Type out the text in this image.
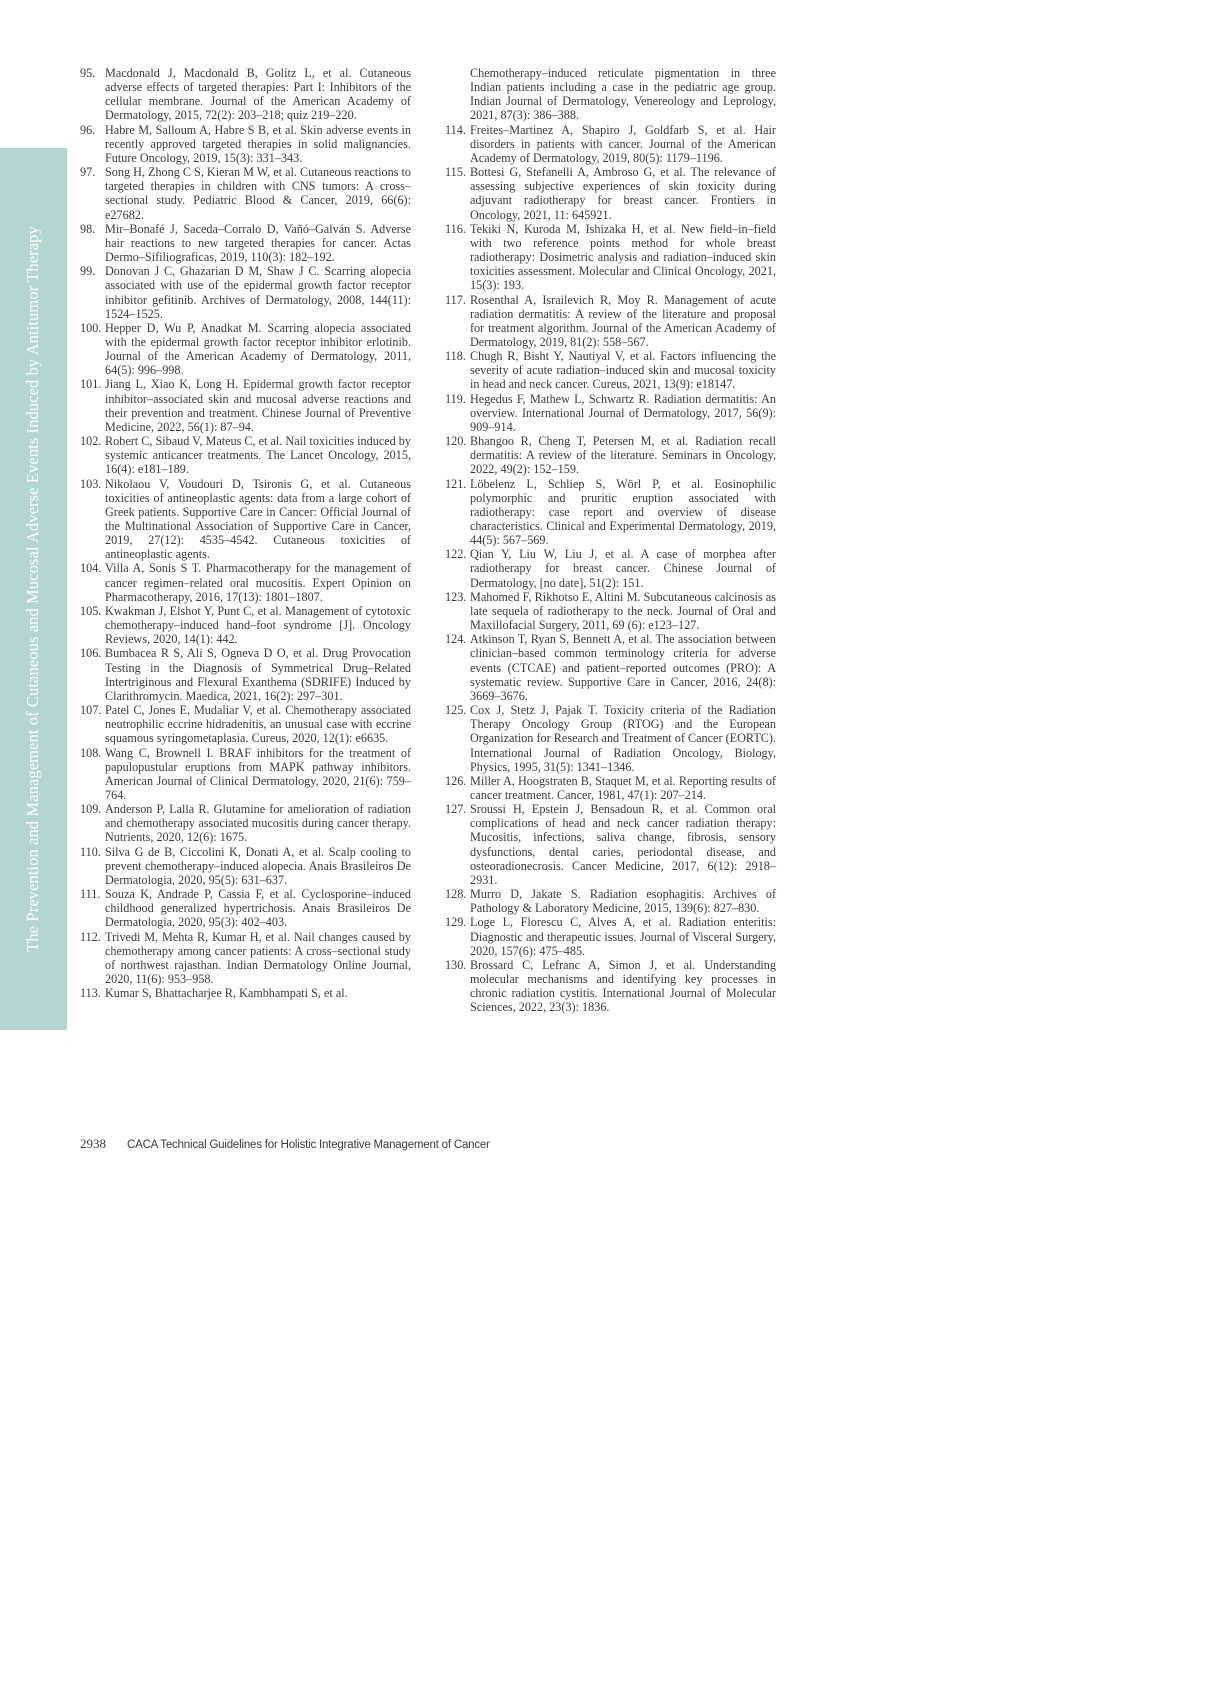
The Prevention and Management of Cutaneous and Mucosal Adverse Events Induced by Antitumor Therapy
95. Macdonald J, Macdonald B, Golitz L, et al. Cutaneous adverse effects of targeted therapies: Part I: Inhibitors of the cellular membrane. Journal of the American Academy of Dermatology, 2015, 72(2): 203–218; quiz 219–220.
96. Habre M, Salloum A, Habre S B, et al. Skin adverse events in recently approved targeted therapies in solid malignancies. Future Oncology, 2019, 15(3): 331–343.
97. Song H, Zhong C S, Kieran M W, et al. Cutaneous reactions to targeted therapies in children with CNS tumors: A cross–sectional study. Pediatric Blood & Cancer, 2019, 66(6): e27682.
98. Mir–Bonafé J, Saceda–Corralo D, Vañó–Galván S. Adverse hair reactions to new targeted therapies for cancer. Actas Dermo–Sifiliograficas, 2019, 110(3): 182–192.
99. Donovan J C, Ghazarian D M, Shaw J C. Scarring alopecia associated with use of the epidermal growth factor receptor inhibitor gefitinib. Archives of Dermatology, 2008, 144(11): 1524–1525.
100. Hepper D, Wu P, Anadkat M. Scarring alopecia associated with the epidermal growth factor receptor inhibitor erlotinib. Journal of the American Academy of Dermatology, 2011, 64(5): 996–998.
101. Jiang L, Xiao K, Long H. Epidermal growth factor receptor inhibitor–associated skin and mucosal adverse reactions and their prevention and treatment. Chinese Journal of Preventive Medicine, 2022, 56(1): 87–94.
102. Robert C, Sibaud V, Mateus C, et al. Nail toxicities induced by systemic anticancer treatments. The Lancet Oncology, 2015, 16(4): e181–189.
103. Nikolaou V, Voudouri D, Tsironis G, et al. Cutaneous toxicities of antineoplastic agents: data from a large cohort of Greek patients. Supportive Care in Cancer: Official Journal of the Multinational Association of Supportive Care in Cancer, 2019, 27(12): 4535–4542. Cutaneous toxicities of antineoplastic agents.
104. Villa A, Sonis S T. Pharmacotherapy for the management of cancer regimen–related oral mucositis. Expert Opinion on Pharmacotherapy, 2016, 17(13): 1801–1807.
105. Kwakman J, Elshot Y, Punt C, et al. Management of cytotoxic chemotherapy–induced hand–foot syndrome [J]. Oncology Reviews, 2020, 14(1): 442.
106. Bumbacea R S, Ali S, Ogneva D O, et al. Drug Provocation Testing in the Diagnosis of Symmetrical Drug–Related Intertriginous and Flexural Exanthema (SDRIFE) Induced by Clarithromycin. Maedica, 2021, 16(2): 297–301.
107. Patel C, Jones E, Mudaliar V, et al. Chemotherapy associated neutrophilic eccrine hidradenitis, an unusual case with eccrine squamous syringometaplasia. Cureus, 2020, 12(1): e6635.
108. Wang C, Brownell I. BRAF inhibitors for the treatment of papulopustular eruptions from MAPK pathway inhibitors. American Journal of Clinical Dermatology, 2020, 21(6): 759–764.
109. Anderson P, Lalla R. Glutamine for amelioration of radiation and chemotherapy associated mucositis during cancer therapy. Nutrients, 2020, 12(6): 1675.
110. Silva G de B, Ciccolini K, Donati A, et al. Scalp cooling to prevent chemotherapy–induced alopecia. Anais Brasileiros De Dermatologia, 2020, 95(5): 631–637.
111. Souza K, Andrade P, Cassia F, et al. Cyclosporine–induced childhood generalized hypertrichosis. Anais Brasileiros De Dermatologia, 2020, 95(3): 402–403.
112. Trivedi M, Mehta R, Kumar H, et al. Nail changes caused by chemotherapy among cancer patients: A cross–sectional study of northwest rajasthan. Indian Dermatology Online Journal, 2020, 11(6): 953–958.
113. Kumar S, Bhattacharjee R, Kambhampati S, et al.
Chemotherapy–induced reticulate pigmentation in three Indian patients including a case in the pediatric age group. Indian Journal of Dermatology, Venereology and Leprology, 2021, 87(3): 386–388.
114. Freites–Martinez A, Shapiro J, Goldfarb S, et al. Hair disorders in patients with cancer. Journal of the American Academy of Dermatology, 2019, 80(5): 1179–1196.
115. Bottesi G, Stefanelli A, Ambroso G, et al. The relevance of assessing subjective experiences of skin toxicity during adjuvant radiotherapy for breast cancer. Frontiers in Oncology, 2021, 11: 645921.
116. Tekiki N, Kuroda M, Ishizaka H, et al. New field–in–field with two reference points method for whole breast radiotherapy: Dosimetric analysis and radiation–induced skin toxicities assessment. Molecular and Clinical Oncology, 2021, 15(3): 193.
117. Rosenthal A, Israilevich R, Moy R. Management of acute radiation dermatitis: A review of the literature and proposal for treatment algorithm. Journal of the American Academy of Dermatology, 2019, 81(2): 558–567.
118. Chugh R, Bisht Y, Nautiyal V, et al. Factors influencing the severity of acute radiation–induced skin and mucosal toxicity in head and neck cancer. Cureus, 2021, 13(9): e18147.
119. Hegedus F, Mathew L, Schwartz R. Radiation dermatitis: An overview. International Journal of Dermatology, 2017, 56(9): 909–914.
120. Bhangoo R, Cheng T, Petersen M, et al. Radiation recall dermatitis: A review of the literature. Seminars in Oncology, 2022, 49(2): 152–159.
121. Löbelenz L, Schliep S, Wörl P, et al. Eosinophilic polymorphic and pruritic eruption associated with radiotherapy: case report and overview of disease characteristics. Clinical and Experimental Dermatology, 2019, 44(5): 567–569.
122. Qian Y, Liu W, Liu J, et al. A case of morphea after radiotherapy for breast cancer. Chinese Journal of Dermatology, [no date], 51(2): 151.
123. Mahomed F, Rikhotso E, Altini M. Subcutaneous calcinosis as late sequela of radiotherapy to the neck. Journal of Oral and Maxillofacial Surgery, 2011, 69 (6): e123–127.
124. Atkinson T, Ryan S, Bennett A, et al. The association between clinician–based common terminology criteria for adverse events (CTCAE) and patient–reported outcomes (PRO): A systematic review. Supportive Care in Cancer, 2016, 24(8): 3669–3676.
125. Cox J, Stetz J, Pajak T. Toxicity criteria of the Radiation Therapy Oncology Group (RTOG) and the European Organization for Research and Treatment of Cancer (EORTC). International Journal of Radiation Oncology, Biology, Physics, 1995, 31(5): 1341–1346.
126. Miller A, Hoogstraten B, Staquet M, et al. Reporting results of cancer treatment. Cancer, 1981, 47(1): 207–214.
127. Sroussi H, Epstein J, Bensadoun R, et al. Common oral complications of head and neck cancer radiation therapy: Mucositis, infections, saliva change, fibrosis, sensory dysfunctions, dental caries, periodontal disease, and osteoradionecrosis. Cancer Medicine, 2017, 6(12): 2918–2931.
128. Murro D, Jakate S. Radiation esophagitis. Archives of Pathology & Laboratory Medicine, 2015, 139(6): 827–830.
129. Loge L, Florescu C, Alves A, et al. Radiation enteritis: Diagnostic and therapeutic issues. Journal of Visceral Surgery, 2020, 157(6): 475–485.
130. Brossard C, Lefranc A, Simon J, et al. Understanding molecular mechanisms and identifying key processes in chronic radiation cystitis. International Journal of Molecular Sciences, 2022, 23(3): 1836.
2938 CACA Technical Guidelines for Holistic Integrative Management of Cancer
